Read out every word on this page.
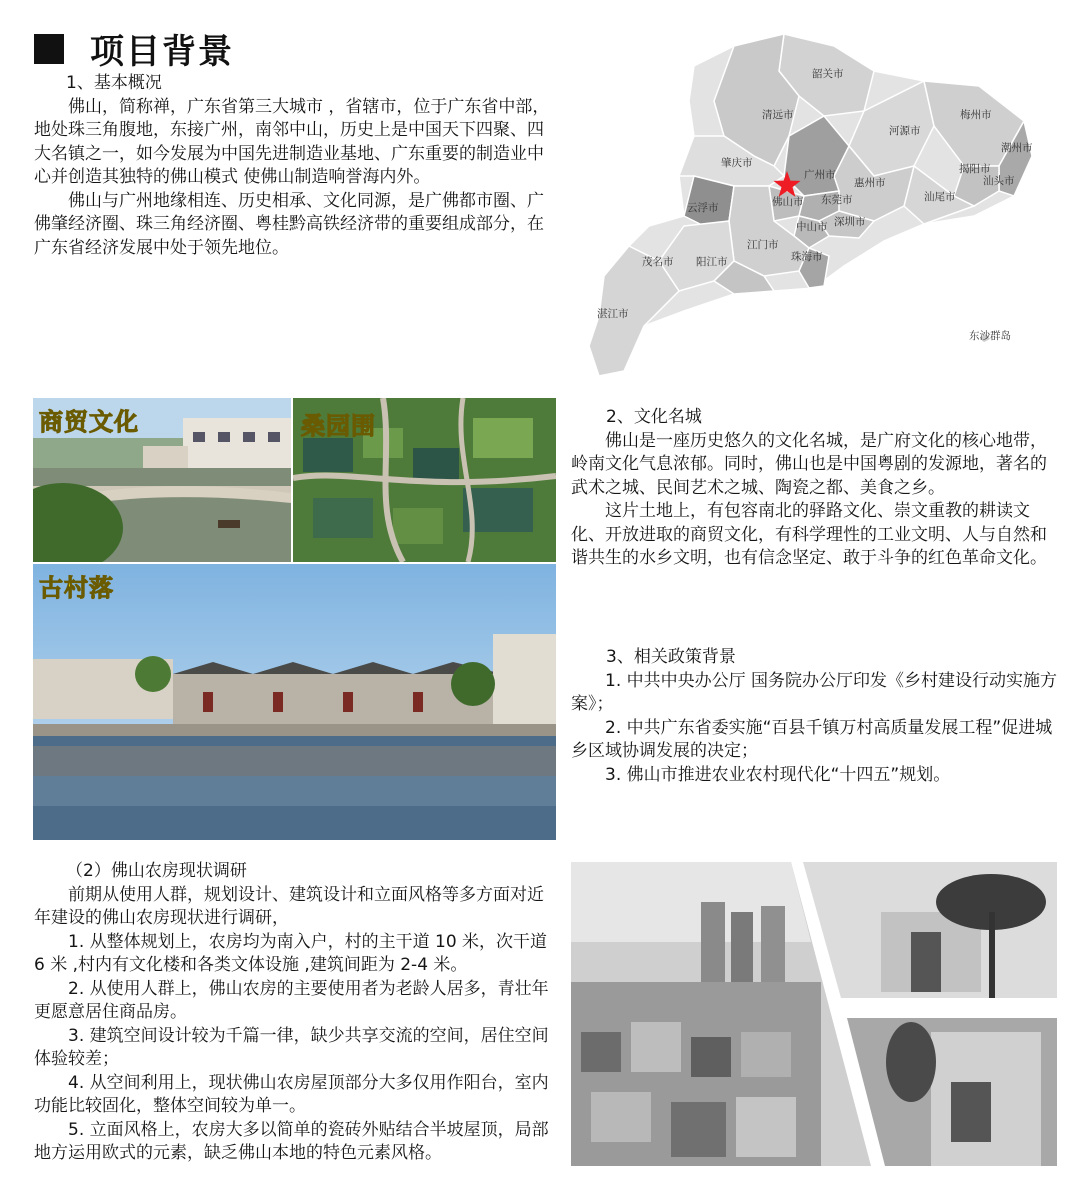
项目背景

1、基本概况

佛山，简称禅，广东省第三大城市 ，省辖市，位于广东省中部，地处珠三角腹地，东接广州，南邻中山，历史上是中国天下四聚、四大名镇之一，如今发展为中国先进制造业基地、广东重要的制造业中心并创造其独特的佛山模式 使佛山制造响誉海内外。

佛山与广州地缘相连、历史相承、文化同源，是广佛都市圈、广佛肇经济圈、珠三角经济圈、粤桂黔高铁经济带的重要组成部分，在广东省经济发展中处于领先地位。

韶关市
清远市
河源市
梅州市
潮州市
揭阳市
汕头市
汕尾市
肇庆市
广州市
惠州市
佛山市 东莞市
深圳市
中山市
江门市
珠海市
云浮市
茂名市 阳江市
湛江市
东沙群岛
商贸文化	桑园围
古村落

2、文化名城

佛山是一座历史悠久的文化名城，是广府文化的核心地带，岭南文化气息浓郁。同时，佛山也是中国粤剧的发源地，著名的武术之城、民间艺术之城、陶瓷之都、美食之乡。

这片土地上，有包容南北的驿路文化、崇文重教的耕读文化、开放进取的商贸文化，有科学理性的工业文明、人与自然和谐共生的水乡文明，也有信念坚定、敢于斗争的红色革命文化。

3、相关政策背景

1. 中共中央办公厅 国务院办公厅印发《乡村建设行动实施方案》；

2. 中共广东省委实施“百县千镇万村高质量发展工程”促进城乡区域协调发展的决定；

3. 佛山市推进农业农村现代化“十四五”规划。

（2）佛山农房现状调研

前期从使用人群，规划设计、建筑设计和立面风格等多方面对近年建设的佛山农房现状进行调研，

1. 从整体规划上，农房均为南入户，村的主干道 10 米，次干道 6 米 ,村内有文化楼和各类文体设施 ,建筑间距为 2-4 米。

2. 从使用人群上，佛山农房的主要使用者为老龄人居多，青壮年更愿意居住商品房。

3. 建筑空间设计较为千篇一律，缺少共享交流的空间，居住空间体验较差；

4. 从空间利用上，现状佛山农房屋顶部分大多仅用作阳台，室内功能比较固化，整体空间较为单一。

5. 立面风格上，农房大多以简单的瓷砖外贴结合半坡屋顶，局部地方运用欧式的元素，缺乏佛山本地的特色元素风格。
